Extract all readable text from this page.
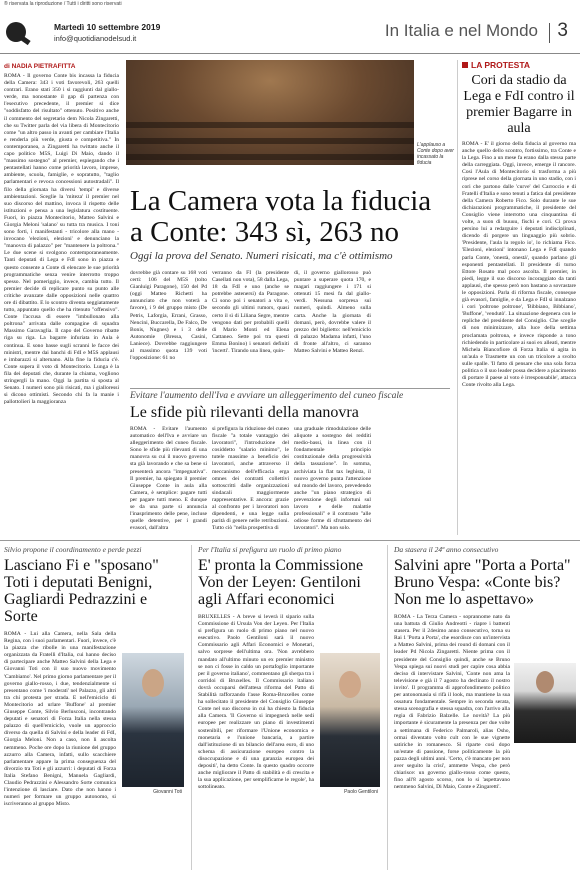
® riservata la riproduzione / Tutti i diritti sono riservati
Martedì 10 settembre 2019
info@quotidianodelsud.it	In Italia e nel Mondo 3
di NADIA PIETRAFITTA
ROMA - Il governo Conte bis incassa la fiducia della Camera: 343 i voti favorevoli, 263 quelli contrari. Erano stati 350 i sì raggiunti dal giallo-verde, ma nonostante il gap di partenza con l'esecutivo precedente, il premier si dice "soddisfatto del risultato" ottenuto. Positivo anche il commento del segretario dem Nicola Zingaretti, che su Twitter parla del via libera di Montecitorio come "un altro passo in avanti per cambiare l'Italia e renderla più verde, giusta e competitiva." In contemporanea, a Zingaretti ha twittato anche il capo politico M5S, Luigi Di Maio, dando il "massimo sostegno" al premier, espiegando che i pentastellati hanno come priorità lavoro, imprese, ambiente, scuola, famiglie, e sopratutto, "taglio parlamentari e revoca concessioni autostradali". Il filo della giornata ha diversi 'tempi' e diverse ambientazioni. Sceglie la 'miteza' il premier nel suo discorso del mattino, invoca il rispetto delle istituzioni e pensa a una legislatura costituente. Fuori, in piazza Montecitorio, Matteo Salvini e Giorgia Meloni 'salano' su tutta tra musica. I toni sono forti, i manifestanti - tricolore alla mano - invocano 'elezioni, elezioni' e denunciano la "manovra di palazzo" per "mantenere la poltrona." Le due scene si svolgono contemporaneamente. Tanti deputati di Lega e FdI sono in piazza e questo consente a Conte di elencare le sue priorità programmatiche senza venire interrotto troppo spesso. Nel pomeriggio, invece, cambia tutto. Il premier decide di replicare punto su punto alle critiche avanzate dalle opposizioni nelle quattro ore di dibattito. E lo scontro diventa seggiatamente tutto, appuntato quello che ha ritenuto "offensivo". Conte l'accusa di essere "imbullonato alla poltrona" arrivata dalle compagine di squadra Massimo Garavaglia. Il capo del Governo ribatte riga su riga. La bagarre infuriata in Aula è continua. E sono basse sugli scranni le facce dei ministri, mentre dai banchi di FdI e M5S applausi e imbarazzi si alternano. Alla fine la fiducia c'è. Conte supera il voto di Montecitorio. Lunga è la fila dei deputati che, durante la chiama, vogliono stringergli la mano. Oggi la partita si sposta al Senato. I numeri sono più risicati, ma i gialloressi si dicono ottimisti. Secondo chi fa la manie i pallottolieri la maggioranza
L'applauso a Conte dopo aver incassato la fiducia
La Camera vota la fiducia a Conte: 343 sì, 263 no
Oggi la prova del Senato. Numeri risicati, ma c'è ottimismo
dovrebbe già contare su 168 voti certi: 106 del M5S (tolto Gianluigi Paragone), 150 del Pd (oggi Matteo Richetti ha annunciato che non voterà a favore), i 9 del gruppo misto (De Petris, Laforgia, Errani, Grasso, Nencini, Buccarella, De Falco, De Bonis, Nugnes) e i 3 delle Autonomie (Bressa, Casini, Laniece). Dovrebbe raggiungere al massimo quota 139 voti l'opposizione: 61 no
verranno da FI (la presidente Casellati non vota), 58 dalla Lega, 18 da FdI e uno (anche se potrebbe astenersi) da Paragone. Ci sono poi i senatori a vita e, secondo gli ultimi rumors, quasi certo il sì di Liliana Segre, mentre vengono dati per probabili quelli di Mario Monti ed Elena Cattaneo. Sette poi tra questi Emma Bonino) i senatori definiti 'incerti'. Tirando una linea, quin-
di, il governo giallorosso può puntare a superare quota 170, e magari raggiungere i 171 si ottenuti 15 mesi fa dal giallo-verdi. Nessuna sorpresa sui numeri, quindi. Almeno sulla carta. Anche la giornata di domani, però, dovrebbe valere il prezzo del biglietto: nell'emiciclo di palazzo Madama infatti, l'uno di fronte all'altro, ci saranno Matteo Salvini e Matteo Renzi.
Evitare l'aumento dell'Iva e avviare un alleggerimento del cuneo fiscale
Le sfide più rilevanti della manovra
ROMA - Evitare l'aumento automatico dell'Iva e avviare un alleggerimento del cuneo fiscale. Sono le sfide più rilevanti di una manovra su cui il nuovo governo sta già lavorando e che sa bene si presenterà ancora "impegnativa". Il premier, ha spiegato il premier Giuseppe Conte in aula alla Camera, è semplice: pagare tutti per pagare tutti meno. E dunque se da una parte si annuncia l'inasprimento delle pene, incluse quelle detentive, per i grandi evasori, dall'altra
si prefigura la riduzione del cuneo fiscale "a totale vantaggio dei lavoratori", l'introduzione del cosiddetto "salario minimo", le tutele massime a beneficio dei lavoratori, anche attraverso il meccanismo dell'efficacia erga omnes dei contratti collettivi sottoscritti dalle organizzazioni sindacali maggiormente rappresentative. E ancora: grazie al confronto per i lavoratori non dipendenti, e una legge sulla parità di genere nelle retribuzioni. Tutto ciò "nella prospettiva di
una graduale rimodulazione delle aliquote a sostegno dei redditi medio-bassi, in linea con il fondamentale principio costituzionale della progressività della tassazione". In somma, archiviata la flat tax leghista, il nuovo governo punta l'attenzione sul mondo del lavoro, prevedendo anche "un piano strategico di prevenzione degli infortuni sul lavoro e delle malattie professionali" e il contrasto "alle odiose forme di sfruttamento dei lavoratori". Ma non solo.
LA PROTESTA
Cori da stadio da Lega e FdI contro il premier Bagarre in aula
ROMA - E' il giorno della fiducia al governo ma anche quello dello scontro, fortissimo, tra Conte e la Lega. Fino a un mese fa erano dalla stessa parte della carreggiata. Oggi, invece, emerge il rancore. Così l'Aula di Montecitorio si trasforma a più riprese nel corso della giornata in uno stadio, con i cori che partono dalle 'curve' del Carroccio e di Fratelli d'Italia e sono tenuti a fatica dal presidente della Camera Roberto Fico. Solo durante le sue dichiarazioni programmatiche, il presidente del Consiglio viene interrotto una cinquantina di volte, a suon di buuuu, fischi e cori. Ci prova persino lui a redarguire i deputati indisciplinati, dicendo di porgere un linguaggio più sobrio. 'Presidente, l'aula la regolo io', lo richiama Fico. 'Elezioni, elezioni' intonano Lega e FdI quando parla Conte, 'onestà, onestà', quando parlano gli esponenti pentastellati. Il presidente di turno Ettore Rosato mal poco ascolta. Il premier, in piedi, legge il suo discorso incoraggiato da tanti applausi, che spesso però non bastano a sovrastare le opposizioni. Parla di riforma fiscale, conseque già evasori, famiglie, e da Lega e FdI si innalzano i cori 'poltrone poltrone', 'Bibbiano, Bibbiano', 'Buffone', 'vendutò'. La situazione degenera con le repliche del presidente del Consiglio. Che sceglie di non minimizzare, alla luce della settima proclamata poltrona, e invece risponde a tono richiedendo in particolare ai suoi ex alleati, mentre Michela Biancofiore di Forza Italia si agita in un'aula e Trasmette un con un tricolore a svolto sulle spalle. 'Il fatto di pensare che una sola forza politica o il suo leader possa decidere a piacimento di portare il paese al voto è irresponsabile', attacca Conte rivolto alla Lega.
Silvio propone il coordinamento e perde pezzi
Lasciano Fi e "sposano" Toti i deputati Benigni, Gagliardi Pedrazzini e Sorte
ROMA - Lui alla Camera, nella Sala della Regina, con i suoi parlamentari. Fuori, invece, c'è la piazza che ribolle in una manifestazione organizzata da Fratelli d'Italia, cui hanno deciso di partecipare anche Matteo Salvini della Lega e Giovanni Toti con il suo nuovo movimento 'Cambiamo'. Nel primo giorno parlamentare per il governo giallo-rosso, i due, tendenzialmente si presentano come 'i moderati' nel Palazzo, gli altri tra chi protesta per strada. E nell'emiciclo di Montecitorio ad urlare 'Buffone' al premier Giuseppe Conte, Silvio Berlusconi, incontrando deputati e senatori di Forza Italia nella stessa palazzo di quell'emiciclo, vuole un approccio diverso da quella di Salvini e della leader di FdI, Giorgia Meloni. Non a caso, non li ascolta nemmeno. Poche ore dopo la riunione del gruppo azzurro alla Camera, infatti, sullo scacchiere parlamentare appare la prima conseguenza del divorzio tra Toti e gli azzurri: i deputati di Forza Italia Stefano Benigni, Manuela Gagliardi, Claudio Pedrazzini e Alessandro Sorte comunica l'intenzione di lasciare. Dato che non hanno i numeri per formare un gruppo autonomo, si iscriveranno al gruppo Misto.
Giovanni Toti
Per l'Italia si prefigura un ruolo di primo piano
E' pronta la Commissione Von der Leyen: Gentiloni agli Affari economici
BRUXELLES - A breve si leverà il sipario sulla Commissione di Ursula Von der Leyen. Per l'Italia si prefigura un ruolo di primo piano nel nuovo esecutivo. Paolo Gentiloni sarà il nuovo Commissario agli Affari Economici e Monetari, salvo sorprese dell'ultima ora. 'Non avrebbero mandato all'ultimo minuto un ex premier ministro se non ci fosse in caldo un portafoglio importante per il governo italiano', commentano gli sherpa tra i corridoi di Bruxelles. Il Commissario italiano dovrà occuparsi dell'attesa riforma del Patto di Stabilità rafforzando l'asse Roma-Bruxelles come ha sollecitato il presidente del Consiglio Giuseppe Conte nel suo discorso in cui ha chiesto la fiducia alla Camera. 'Il Governo si impegnerà nelle sedi europee per realizzare un piano di investimenti sostenibili, per riformare l'Unione economica e monetaria e l'unione bancaria, a partire dall'istituzione di un bilancio dell'area euro, di uno schema di assicurazione europeo contro la disoccupazione e di una garanzia europea dei depositi', ha detto Conte. In questo quadro occorre anche migliorare il Patto di stabilità e di crescita e la sua applicazione, per semplificarne le regole', ha sottolineato.
Paolo Gentiloni
Da stasera il 24ª anno consecutivo
Salvini apre "Porta a Porta" Bruno Vespa: «Conte bis? Non me lo aspettavo»
ROMA - La Terza Camera - soprannome nato da una battuta di Giulio Andreotti - riapre i battenti stasera. Per il 24esimo anno consecutivo, torna su Rai 1 'Porta a Porta', che esordisce con un'intervista a Matteo Salvini, prima dei round di domani con il leader Pd Nicola Zingaretti. Niente prima con il presidente del Consiglio quindi, anche se Bruno Vespa spiega sui nuovi studi per capire cosa abbia deciso di intervistare Salvini, 'Conte non ama la televisione e già il 7 agosto ha declinato il nostro invito'. Il programma di approfondimento politico per antonomasia si rifà il look, ma mantiene la sua ossatura fondamentale. Sempre in seconda serata, stessa scenografia e stessa squadra, con l'arrivo alla regia di Fabrizio Balzelle. Le novità? La più importante è sicuramente la presenza per due volte a settimana di Federico Palmaroli, alias Osho, ormai diventato volto cult con le sue vignette satiriche in romanesco. Si riparte così dopo un'estate di passione, forse politicamente la più pazza degli ultimi anni. 'Certo, c'è mancato per non aver seguito la crisi', ammette Vespa, che però chiarisce: un governo giallo-rosso come questo, fino all'8 agosto scorso, non lo si 'aspettavano nemmeno Salvini, Di Maio, Conte e Zingaretti'.
